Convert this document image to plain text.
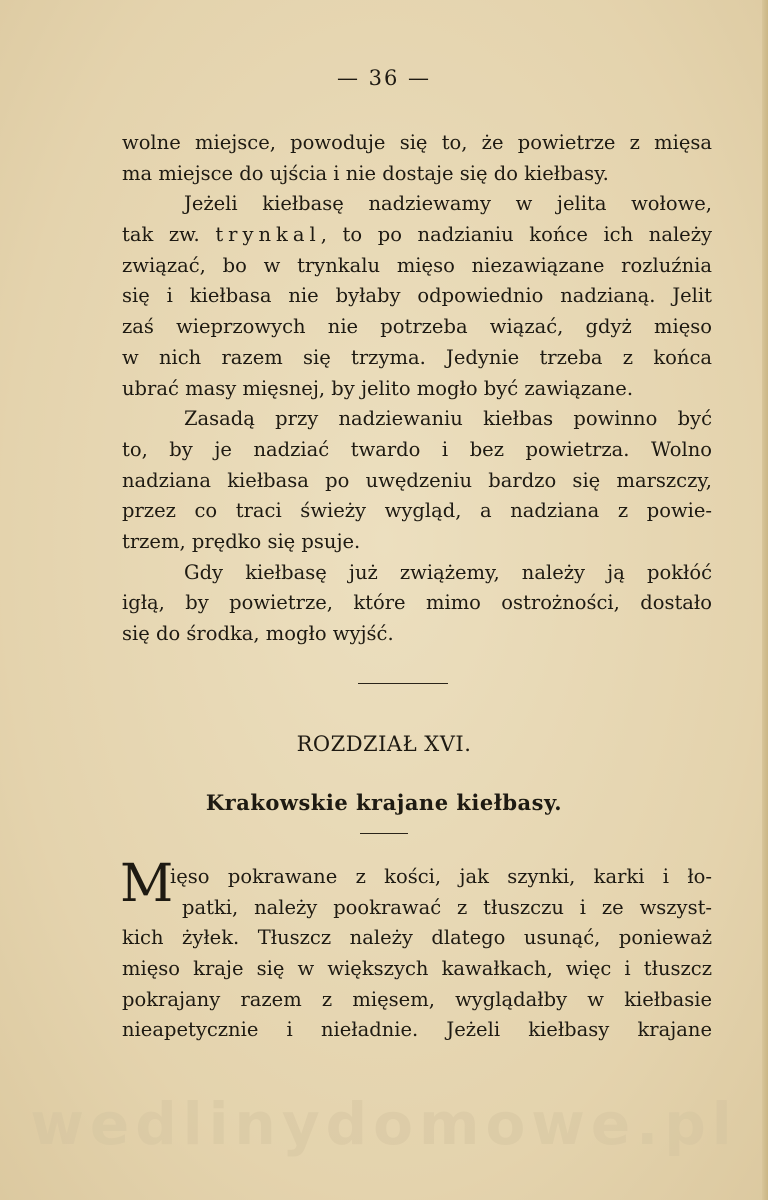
— 36 —
wolne miejsce, powoduje się to, że powietrze z mięsa
ma miejsce do ujścia i nie dostaje się do kiełbasy.
Jeżeli kiełbasę nadziewamy w jelita wołowe,
tak zw. trynkal, to po nadzianiu końce ich należy
związać, bo w trynkalu mięso niezawiązane rozluźnia
się i kiełbasa nie byłaby odpowiednio nadzianą. Jelit
zaś wieprzowych nie potrzeba wiązać, gdyż mięso
w nich razem się trzyma. Jedynie trzeba z końca
ubrać masy mięsnej, by jelito mogło być zawiązane.
Zasadą przy nadziewaniu kiełbas powinno być
to, by je nadziać twardo i bez powietrza. Wolno
nadziana kiełbasa po uwędzeniu bardzo się marszczy,
przez co traci świeży wygląd, a nadziana z powie-
trzem, prędko się psuje.
Gdy kiełbasę już zwiążemy, należy ją pokłóć
igłą, by powietrze, które mimo ostrożności, dostało
się do środka, mogło wyjść.
ROZDZIAŁ XVI.
Krakowskie krajane kiełbasy.
M
ięso pokrawane z kości, jak szynki, karki i ło-
patki, należy pookrawać z tłuszczu i ze wszyst-
kich żyłek. Tłuszcz należy dlatego usunąć, ponieważ
mięso kraje się w większych kawałkach, więc i tłuszcz
pokrajany razem z mięsem, wyglądałby w kiełbasie
nieapetycznie i niеładnie. Jeżeli kiełbasy krajane
wedlinydomowe.pl
